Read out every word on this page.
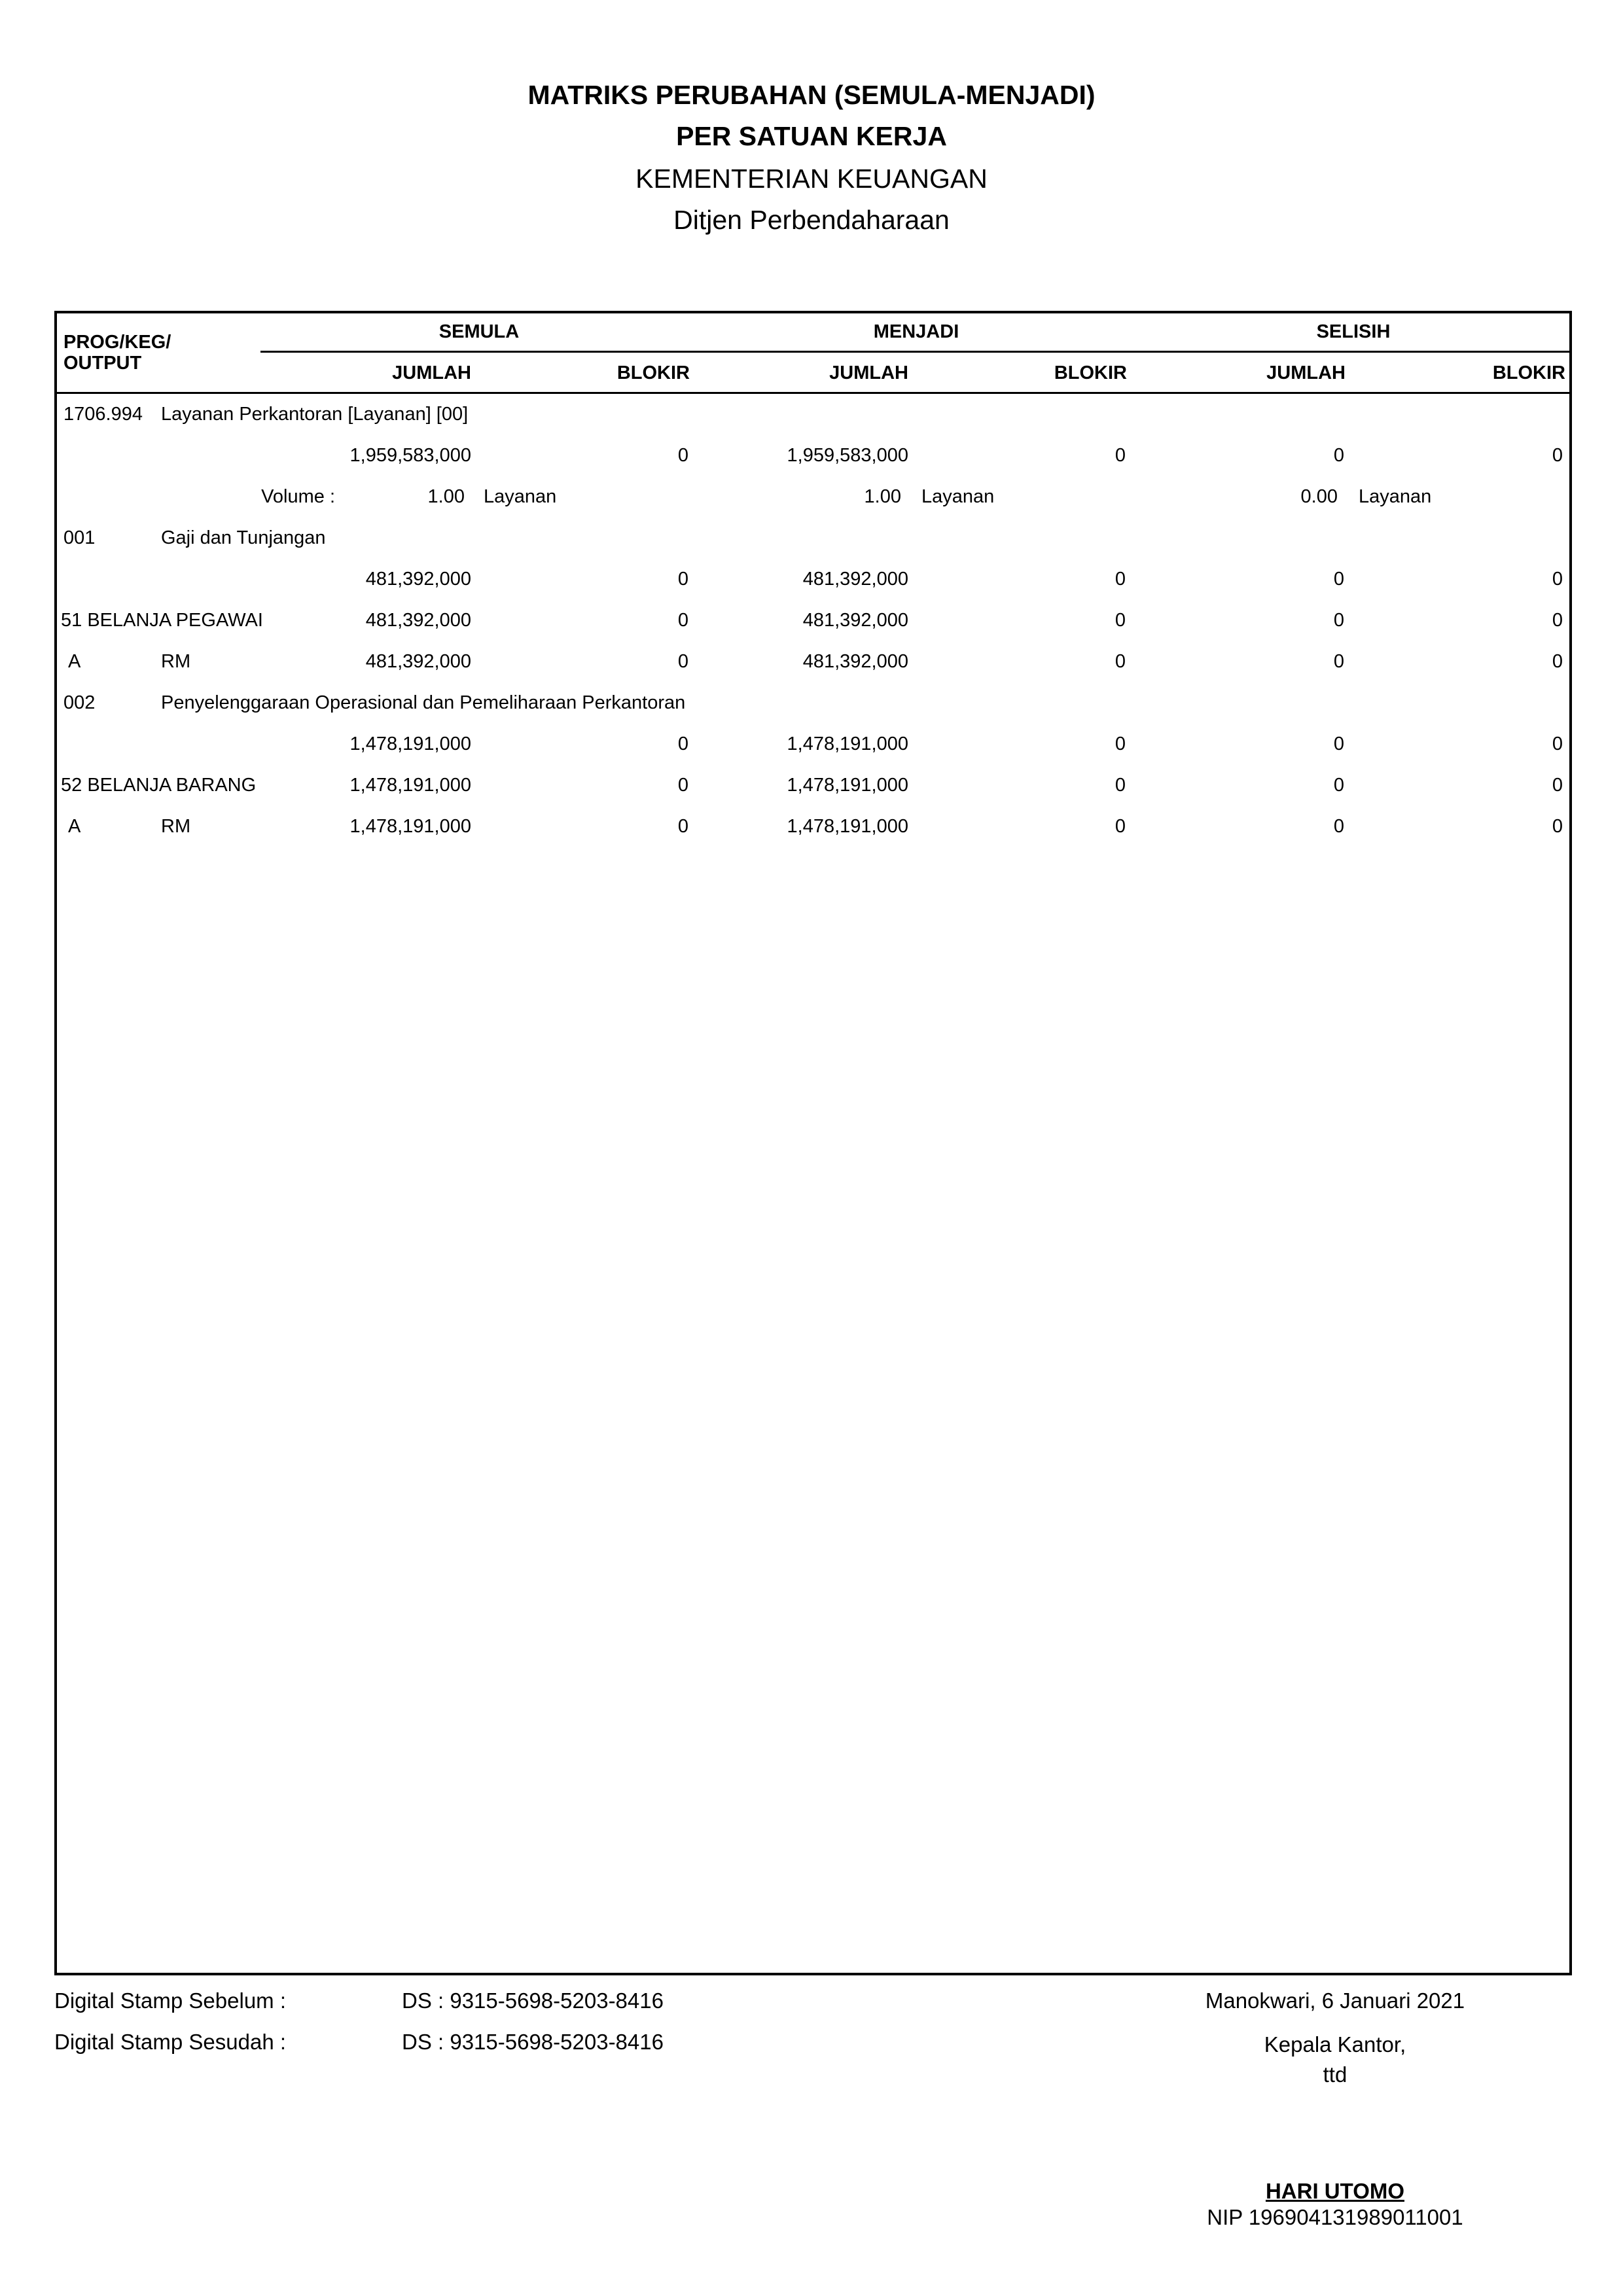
MATRIKS PERUBAHAN (SEMULA-MENJADI)
PER SATUAN KERJA
KEMENTERIAN KEUANGAN
Ditjen Perbendaharaan
PROG/KEG/
OUTPUT
SEMULA	MENJADI	SELISIH
JUMLAH	BLOKIR	JUMLAH	BLOKIR	JUMLAH	BLOKIR
1706.994 Layanan Perkantoran [Layanan] [00]
1,959,583,000	0	1,959,583,000	0	0	0
Volume :	1.00 Layanan	1.00 Layanan	0.00 Layanan
001	Gaji dan Tunjangan
481,392,000	0	481,392,000	0	0	0
51 BELANJA PEGAWAI	481,392,000	0	481,392,000	0	0	0
A	RM	481,392,000	0	481,392,000	0	0	0
002	Penyelenggaraan Operasional dan Pemeliharaan Perkantoran
1,478,191,000	0	1,478,191,000	0	0	0
52 BELANJA BARANG	1,478,191,000	0	1,478,191,000	0	0	0
A	RM	1,478,191,000	0	1,478,191,000	0	0	0
Digital Stamp Sebelum :	DS : 9315-5698-5203-8416
Digital Stamp Sesudah :	DS : 9315-5698-5203-8416
Manokwari, 6 Januari 2021
Kepala Kantor,
ttd
HARI UTOMO
NIP 196904131989011001
